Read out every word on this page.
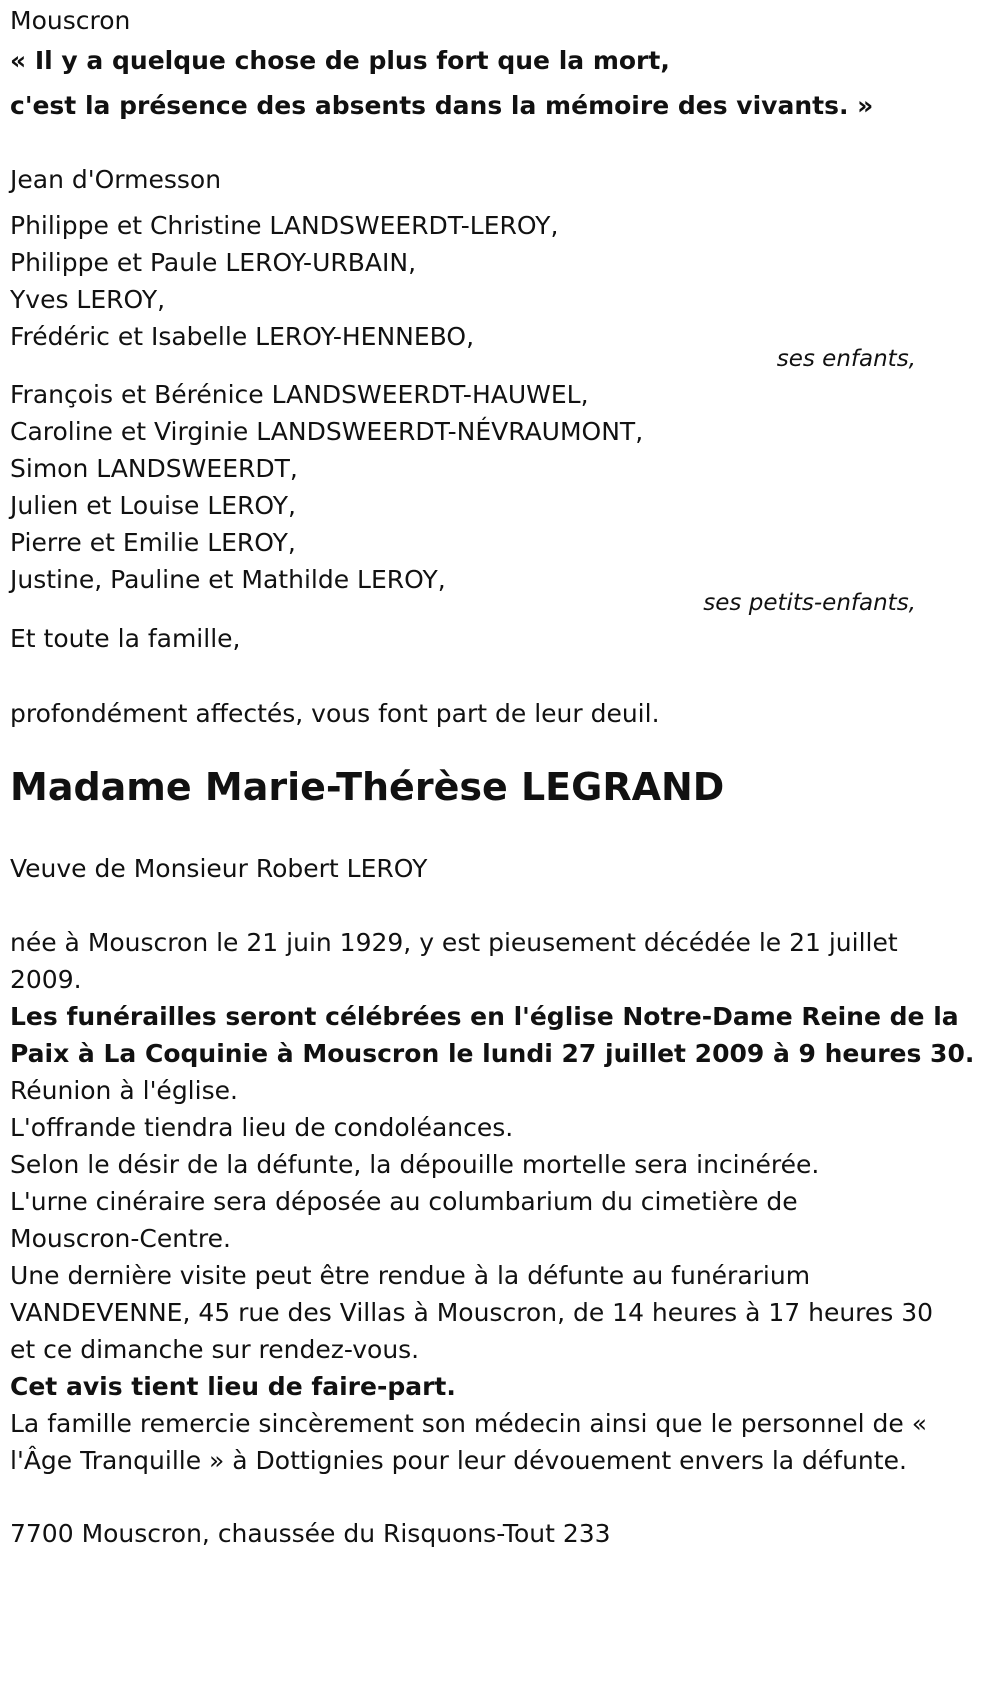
Mouscron
« Il y a quelque chose de plus fort que la mort,
c'est la présence des absents dans la mémoire des vivants. »
Jean d'Ormesson
Philippe et Christine LANDSWEERDT-LEROY,
Philippe et Paule LEROY-URBAIN,
Yves LEROY,
Frédéric et Isabelle LEROY-HENNEBO,
ses enfants,
François et Bérénice LANDSWEERDT-HAUWEL,
Caroline et Virginie LANDSWEERDT-NÉVRAUMONT,
Simon LANDSWEERDT,
Julien et Louise LEROY,
Pierre et Emilie LEROY,
Justine, Pauline et Mathilde LEROY,
ses petits-enfants,
Et toute la famille,
profondément affectés, vous font part de leur deuil.
Madame Marie-Thérèse LEGRAND
Veuve de Monsieur Robert LEROY
née à Mouscron le 21 juin 1929, y est pieusement décédée le 21 juillet
2009.
Les funérailles seront célébrées en l'église Notre-Dame Reine de la
Paix à La Coquinie à Mouscron le lundi 27 juillet 2009 à 9 heures 30.
Réunion à l'église.
L'offrande tiendra lieu de condoléances.
Selon le désir de la défunte, la dépouille mortelle sera incinérée.
L'urne cinéraire sera déposée au columbarium du cimetière de
Mouscron-Centre.
Une dernière visite peut être rendue à la défunte au funérarium
VANDEVENNE, 45 rue des Villas à Mouscron, de 14 heures à 17 heures 30
et ce dimanche sur rendez-vous.
Cet avis tient lieu de faire-part.
La famille remercie sincèrement son médecin ainsi que le personnel de «
l'Âge Tranquille » à Dottignies pour leur dévouement envers la défunte.
7700 Mouscron, chaussée du Risquons-Tout 233
